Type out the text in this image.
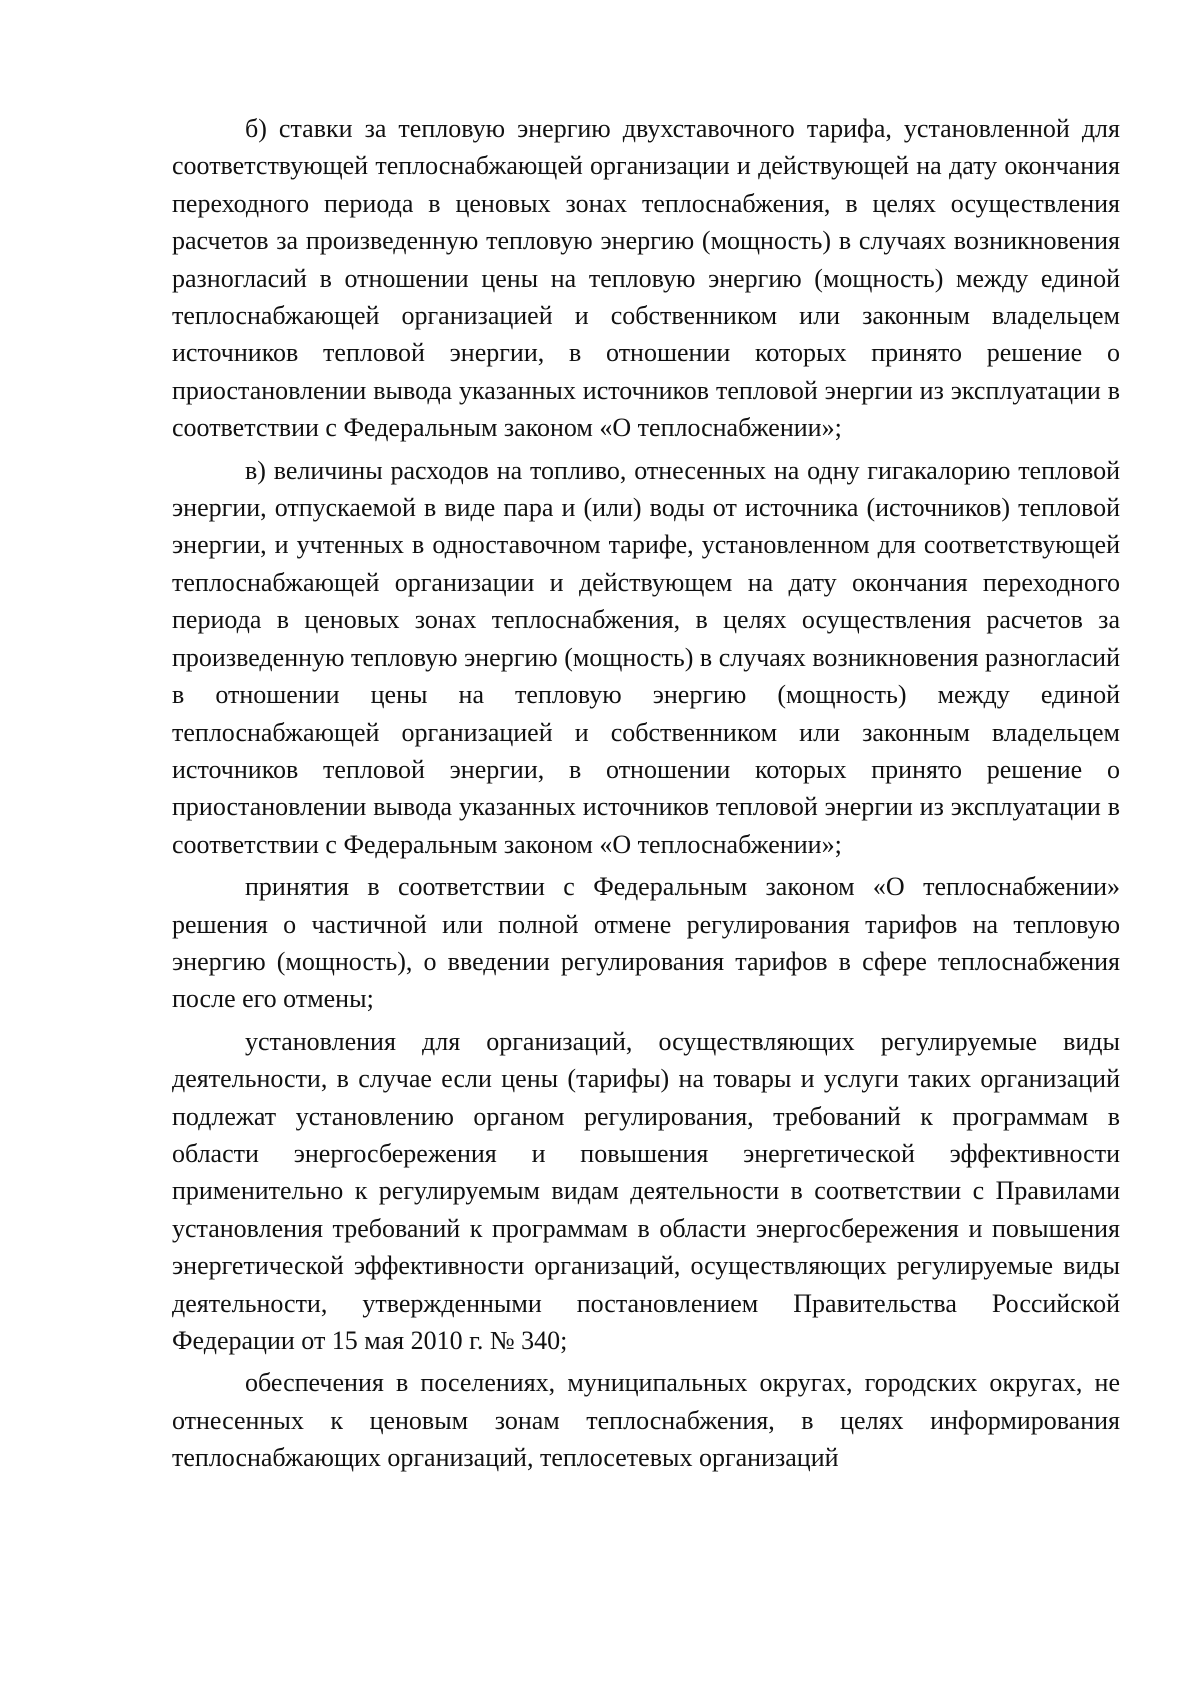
б) ставки за тепловую энергию двухставочного тарифа, установленной для соответствующей теплоснабжающей организации и действующей на дату окончания переходного периода в ценовых зонах теплоснабжения, в целях осуществления расчетов за произведенную тепловую энергию (мощность) в случаях возникновения разногласий в отношении цены на тепловую энергию (мощность) между единой теплоснабжающей организацией и собственником или законным владельцем источников тепловой энергии, в отношении которых принято решение о приостановлении вывода указанных источников тепловой энергии из эксплуатации в соответствии с Федеральным законом «О теплоснабжении»;

в) величины расходов на топливо, отнесенных на одну гигакалорию тепловой энергии, отпускаемой в виде пара и (или) воды от источника (источников) тепловой энергии, и учтенных в одноставочном тарифе, установленном для соответствующей теплоснабжающей организации и действующем на дату окончания переходного периода в ценовых зонах теплоснабжения, в целях осуществления расчетов за произведенную тепловую энергию (мощность) в случаях возникновения разногласий в отношении цены на тепловую энергию (мощность) между единой теплоснабжающей организацией и собственником или законным владельцем источников тепловой энергии, в отношении которых принято решение о приостановлении вывода указанных источников тепловой энергии из эксплуатации в соответствии с Федеральным законом «О теплоснабжении»;

принятия в соответствии с Федеральным законом «О теплоснабжении» решения о частичной или полной отмене регулирования тарифов на тепловую энергию (мощность), о введении регулирования тарифов в сфере теплоснабжения после его отмены;

установления для организаций, осуществляющих регулируемые виды деятельности, в случае если цены (тарифы) на товары и услуги таких организаций подлежат установлению органом регулирования, требований к программам в области энергосбережения и повышения энергетической эффективности применительно к регулируемым видам деятельности в соответствии с Правилами установления требований к программам в области энергосбережения и повышения энергетической эффективности организаций, осуществляющих регулируемые виды деятельности, утвержденными постановлением Правительства Российской Федерации от 15 мая 2010 г. № 340;

обеспечения в поселениях, муниципальных округах, городских округах, не отнесенных к ценовым зонам теплоснабжения, в целях информирования теплоснабжающих организаций, теплосетевых организаций
